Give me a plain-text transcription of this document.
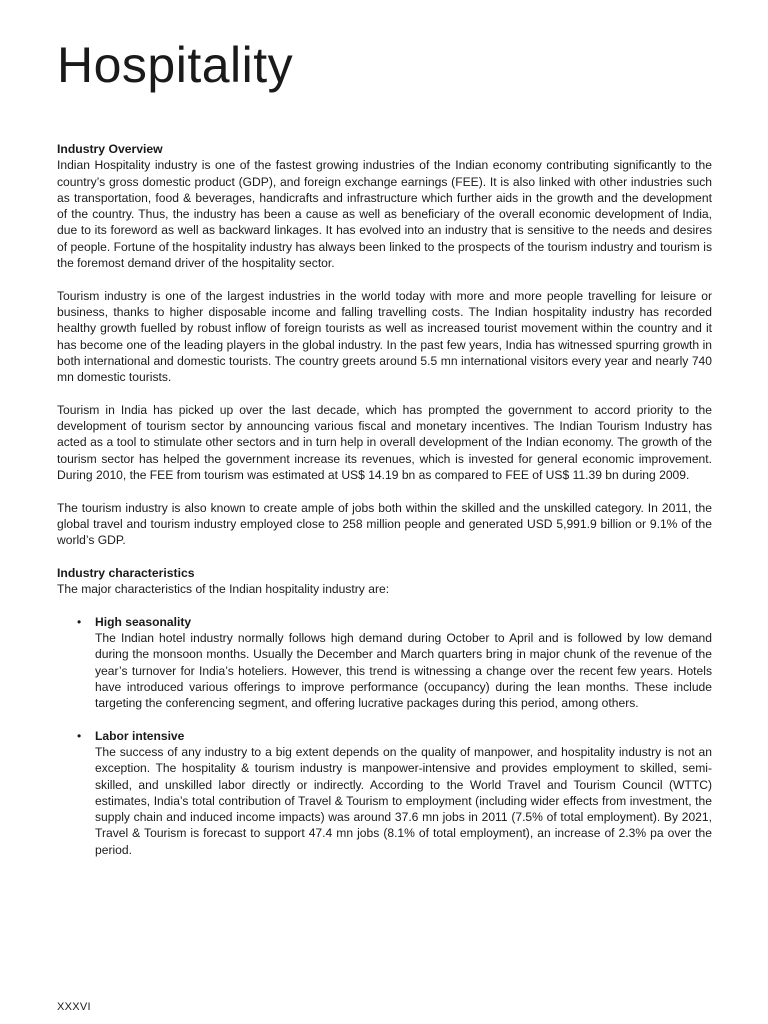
Hospitality
Industry Overview

Indian Hospitality industry is one of the fastest growing industries of the Indian economy contributing significantly to the country’s gross domestic product (GDP), and foreign exchange earnings (FEE). It is also linked with other industries such as transportation, food & beverages, handicrafts and infrastructure which further aids in the growth and the development of the country. Thus, the industry has been a cause as well as beneficiary of the overall economic development of India, due to its foreword as well as backward linkages. It has evolved into an industry that is sensitive to the needs and desires of people. Fortune of the hospitality industry has always been linked to the prospects of the tourism industry and tourism is the foremost demand driver of the hospitality sector.

Tourism industry is one of the largest industries in the world today with more and more people travelling for leisure or business, thanks to higher disposable income and falling travelling costs. The Indian hospitality industry has recorded healthy growth fuelled by robust inflow of foreign tourists as well as increased tourist movement within the country and it has become one of the leading players in the global industry. In the past few years, India has witnessed spurring growth in both international and domestic tourists. The country greets around 5.5 mn international visitors every year and nearly 740 mn domestic tourists.

Tourism in India has picked up over the last decade, which has prompted the government to accord priority to the development of tourism sector by announcing various fiscal and monetary incentives. The Indian Tourism Industry has acted as a tool to stimulate other sectors and in turn help in overall development of the Indian economy. The growth of the tourism sector has helped the government increase its revenues, which is invested for general economic improvement. During 2010, the FEE from tourism was estimated at US$ 14.19 bn as compared to FEE of US$ 11.39 bn during 2009.

The tourism industry is also known to create ample of jobs both within the skilled and the unskilled category. In 2011, the global travel and tourism industry employed close to 258 million people and generated USD 5,991.9 billion or 9.1% of the world’s GDP.

Industry characteristics

The major characteristics of the Indian hospitality industry are:

• High seasonality
The Indian hotel industry normally follows high demand during October to April and is followed by low demand during the monsoon months. Usually the December and March quarters bring in major chunk of the revenue of the year’s turnover for India’s hoteliers. However, this trend is witnessing a change over the recent few years. Hotels have introduced various offerings to improve performance (occupancy) during the lean months. These include targeting the conferencing segment, and offering lucrative packages during this period, among others.
• Labor intensive
The success of any industry to a big extent depends on the quality of manpower, and hospitality industry is not an exception. The hospitality & tourism industry is manpower-intensive and provides employment to skilled, semi-skilled, and unskilled labor directly or indirectly. According to the World Travel and Tourism Council (WTTC) estimates, India’s total contribution of Travel & Tourism to employment (including wider effects from investment, the supply chain and induced income impacts) was around 37.6 mn jobs in 2011 (7.5% of total employment). By 2021, Travel & Tourism is forecast to support 47.4 mn jobs (8.1% of total employment), an increase of 2.3% pa over the period.
XXXVI
